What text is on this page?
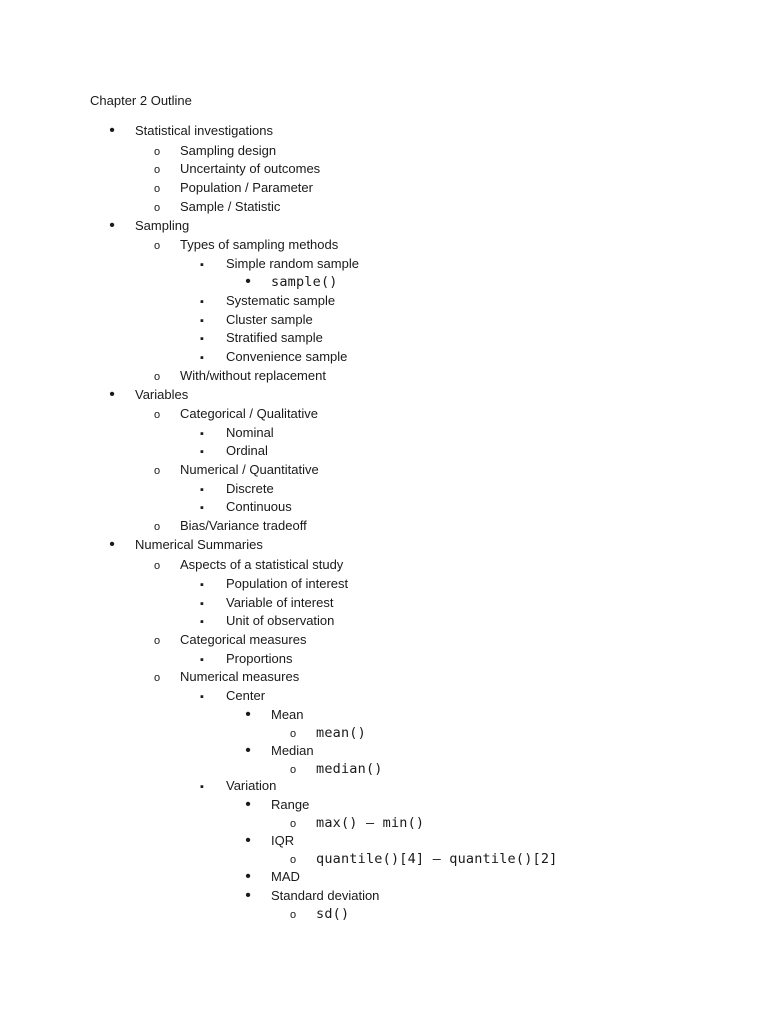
Chapter 2 Outline
•
Statistical investigations
o
Sampling design
o
Uncertainty of outcomes
o
Population / Parameter
o
Sample / Statistic
•
Sampling
o
Types of sampling methods
▪
Simple random sample
•
sample()
▪
Systematic sample
▪
Cluster sample
▪
Stratified sample
▪
Convenience sample
o
With/without replacement
•
Variables
o
Categorical / Qualitative
▪
Nominal
▪
Ordinal
o
Numerical / Quantitative
▪
Discrete
▪
Continuous
o
Bias/Variance tradeoff
•
Numerical Summaries
o
Aspects of a statistical study
▪
Population of interest
▪
Variable of interest
▪
Unit of observation
o
Categorical measures
▪
Proportions
o
Numerical measures
▪
Center
•
Mean
o
mean()
•
Median
o
median()
▪
Variation
•
Range
o
max() – min()
•
IQR
o
quantile()[4] – quantile()[2]
•
MAD
•
Standard deviation
o
sd()
